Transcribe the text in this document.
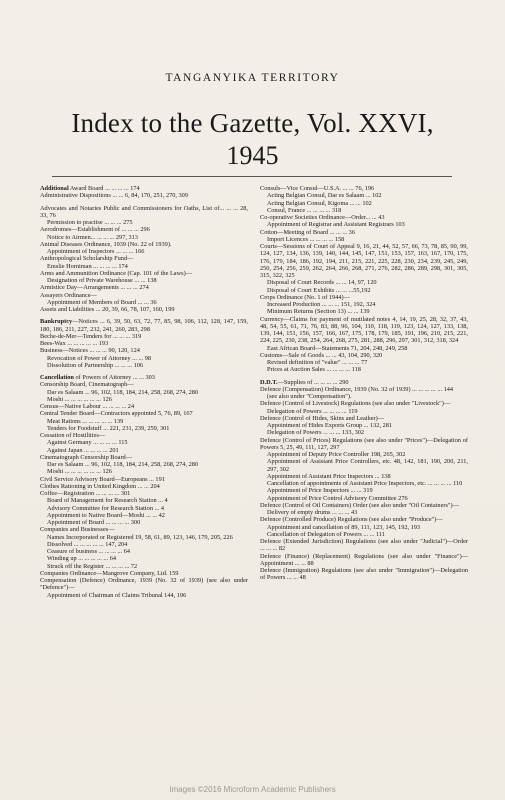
TANGANYIKA TERRITORY
Index to the Gazette, Vol. XXVI,
1945

Additional Award Board ... ... ... ... 174

Administrative Dispositions ... ... 6, 84, 170, 251, 270, 309

Advocates and Notaries Public and Commissioners for Oaths, List of... ... ... 28, 33, 76

Permission to practise ... ... ... 275

Aerodromes—Establishment of ... ... ... 296

Notice to Airmen... ... ... ... 297, 313

Animal Diseases Ordinance, 1939 (No. 22 of 1939).

Appointment of Inspectors ... ... ... 166

Anthropological Scholarship Fund—

Emslie Horniman ... ... ... ... 174

Arms and Ammunition Ordinance (Cap. 101 of the Laws)—

Designation of Private Warehouse ... ... 138

Armistice Day—Arrangements ... ... ... 274

Assayers Ordinance—

Appointment of Members of Board ... ... 36

Assets and Liabilities ... 20, 39, 66, 78, 107, 160, 199

Bankruptcy—Notices ... 6, 39, 50, 63, 72, 77, 85, 98, 106, 112, 128, 147, 159, 180, 186, 211, 227, 232, 241, 260, 283, 298

Beche-de-Mer—Tenders for ... ... ... 319

Bees-Wax ... ... ... ... ... 193

Business—Notices ... ... ... 90, 120, 124

Revocation of Power of Attorney ... ... 98

Dissolution of Partnership ... ... ... 106

Cancellation of Powers of Attorney ... ... 303

Censorship Board, Cinematograph—

Dar es Salaam ... 96, 102, 118, 184, 214, 258, 268, 274, 280

Moshi ... ... ... ... ... ... 126

Census—Native Labour ... ... ... ... 24

Central Tender Board—Contractors appointed 5, 76, 89, 167

Meat Rations ... ... ... ... ... 139

Tenders for Foodstuff ... 221, 231, 239, 259, 301

Cessation of Hostilities—

Against Germany ... ... ... ... 115

Against Japan ... ... ... ... 201

Cinematograph Censorship Board—

Dar es Salaam ... 96, 102, 118, 184, 214, 258, 268, 274, 280

Moshi ... ... ... ... ... ... 126

Civil Service Advisory Board—Europeans ... 191

Clothes Rationing in United Kingdom ... ... 204

Coffee—Registration ... ... ... ... 301

Board of Management for Research Station ... 4

Advisory Committee for Research Station ... 4

Appointment to Native Board—Moshi ... ... 42

Appointment of Board ... ... ... ... 300

Companies and Businesses—

Names Incorporated or Registered 19, 58, 61, 89, 123, 146, 179, 205, 226

Dissolved ... ... ... ... ... 147, 204

Ceasure of business ... ... ... ... 64

Winding up ... ... ... ... ... 64

Struck off the Register ... ... ... ... 72

Companies Ordinance—Mangrove Company, Ltd. 159

Compensation (Defence) Ordinance, 1939 (No. 32 of 1939) (see also under "Defence")—

Appointment of Chairman of Claims Tribunal 144, 196

Consuls—Vice Consul—U.S.A. ... ... 76, 196

Acting Belgian Consul, Dar es Salaam ... 102

Acting Belgian Consul, Kigoma ... ... 102

Consul, France ... ... ... ... 318

Co-operative Societies Ordinance—Order... ... 43

Appointment of Registrar and Assistant Registrars 103

Cotton—Meeting of Board ... ... ... 36

Import Licences ... ... ... ... 158

Courts—Sessions of Court of Appeal 9, 16, 21, 44, 52, 57, 66, 73, 78, 85, 90, 99, 124, 127, 134, 136, 139, 140, 144, 145, 147, 151, 153, 157, 163, 167, 170, 175, 176, 179, 184, 186, 192, 194, 211, 215, 221, 225, 228, 230, 234, 239, 245, 249, 250, 254, 256, 259, 262, 264, 266, 268, 271, 276, 282, 286, 289, 298, 301, 305, 315, 322, 325

Disposal of Court Records ... ... 14, 97, 120

Disposal of Court Exhibits ... ... ...55,192

Crops Ordinance (No. 1 of 1944)—

Increased Production ... ... ... 151, 192, 324

Minimum Returns (Section 13) ... ... 139

Currency—Claims for payment of mutilated notes 4, 14, 19, 25, 28, 32, 37, 43, 48, 54, 55, 61, 71, 76, 83, 88, 96, 104, 110, 118, 119, 123, 124, 127, 133, 138, 139, 144, 151, 156, 157, 166, 167, 175, 178, 179, 185, 191, 196, 210, 215, 221, 224, 225, 230, 238, 254, 264, 268, 275, 281, 288, 296, 297, 301, 312, 318, 324

East African Board—Statements 71, 204, 248, 249, 258

Customs—Sale of Goods ... ... 43, 104, 290, 320

Revised definition of "value" ... ... ... 77

Prices at Auction Sales ... ... ... ... 118

D.D.T.—Supplies of ... ... ... ... 290

Defence (Compensation) Ordinance, 1939 (No. 32 of 1939) ... ... ... ... ... 144

(see also under "Compensation").

Defence (Control of Livestock) Regulations (see also under "Livestock")—

Delegation of Powers ... ... ... ... 119

Defence (Control of Hides, Skins and Leather)—

Appointment of Hides Exports Group ... 132, 281

Delegation of Powers ... ... ... 133, 302

Defence (Control of Prices) Regulations (see also under "Prices")—Delegation of Powers 5, 25, 49, 111, 127, 297

Appointment of Deputy Price Controller 198, 265, 302

Appointment of Assistant Price Controllers, etc. 48, 142, 181, 190, 200, 211, 297, 302

Appointment of Assistant Price Inspectors ... 138

Cancellation of appointments of Assistant Price Inspectors, etc. ... ... ... ... 110

Appointment of Price Inspectors ... ... 319

Appointment of Price Control Advisory Committee 276

Defence (Control of Oil Containers) Order (see also under "Oil Containers")—

Delivery of empty drums ... ... ... 43

Defence (Controlled Produce) Regulations (see also under "Produce")—

Appointment and cancellation of 89, 111, 123, 145, 192, 193

Cancellation of Delegation of Powers ... ... 111

Defence (Extended Jurisdiction) Regulations (see also under "Judicial")—Order ... ... ... 82

Defence (Finance) (Replacement) Regulations (see also under "Finance")—Appointment ... ... 88

Defence (Immigration) Regulations (see also under "Immigration")—Delegation of Powers ... ... 48

Images ©2016 Microform Academic Publishers
